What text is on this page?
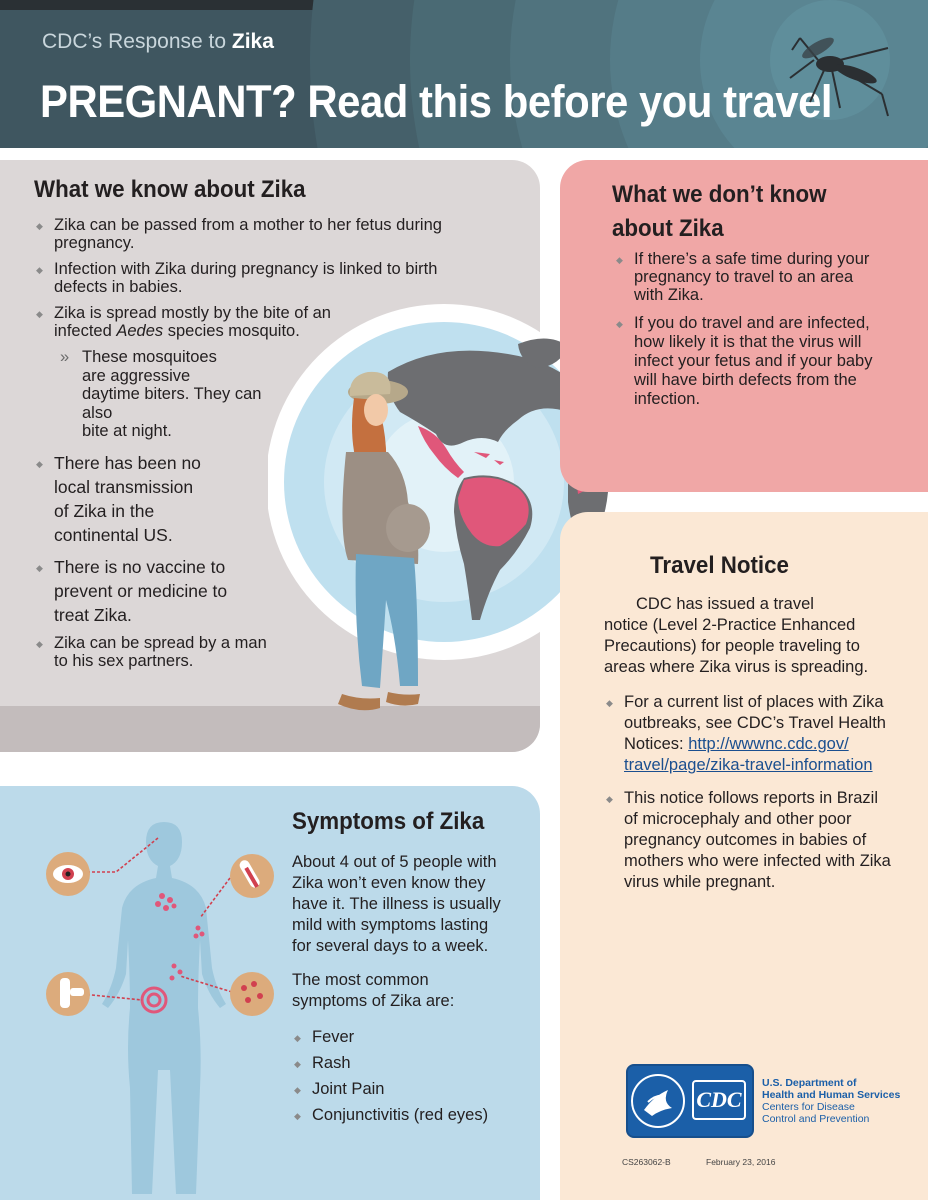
CDC’s Response to Zika
PREGNANT? Read this before you travel
What we know about Zika
◆ Zika can be passed from a mother to her fetus during
pregnancy.
◆ Infection with Zika during pregnancy is linked to birth
defects in babies.
◆ Zika is spread mostly by the bite of an
infected Aedes species mosquito.
» These mosquitoes
are aggressive
daytime biters. They can
also
bite at night.
◆ There has been no
local transmission
of Zika in the
continental US.
◆ There is no vaccine to
prevent or medicine to
treat Zika.
◆ Zika can be spread by a man
to his sex partners.
What we don’t know
about Zika
◆ If there’s a safe time during your
pregnancy to travel to an area
with Zika.
◆ If you do travel and are infected,
how likely it is that the virus will
infect your fetus and if your baby
will have birth defects from the
infection.
Travel Notice
CDC has issued a travel
notice (Level 2-Practice Enhanced
Precautions) for people traveling to
areas where Zika virus is spreading.
◆ For a current list of places with Zika
outbreaks, see CDC’s Travel Health
Notices: http://wwwnc.cdc.gov/
travel/page/zika-travel-information
◆ This notice follows reports in Brazil
of microcephaly and other poor
pregnancy outcomes in babies of
mothers who were infected with Zika
virus while pregnant.
Symptoms of Zika
About 4 out of 5 people with
Zika won’t even know they
have it. The illness is usually
mild with symptoms lasting
for several days to a week.
The most common
symptoms of Zika are:
◆ Fever
◆ Rash
◆ Joint Pain
◆ Conjunctivitis (red eyes)
CDC
U.S. Department of
Health and Human Services
Centers for Disease
Control and Prevention
CS263062-B	February 23, 2016
